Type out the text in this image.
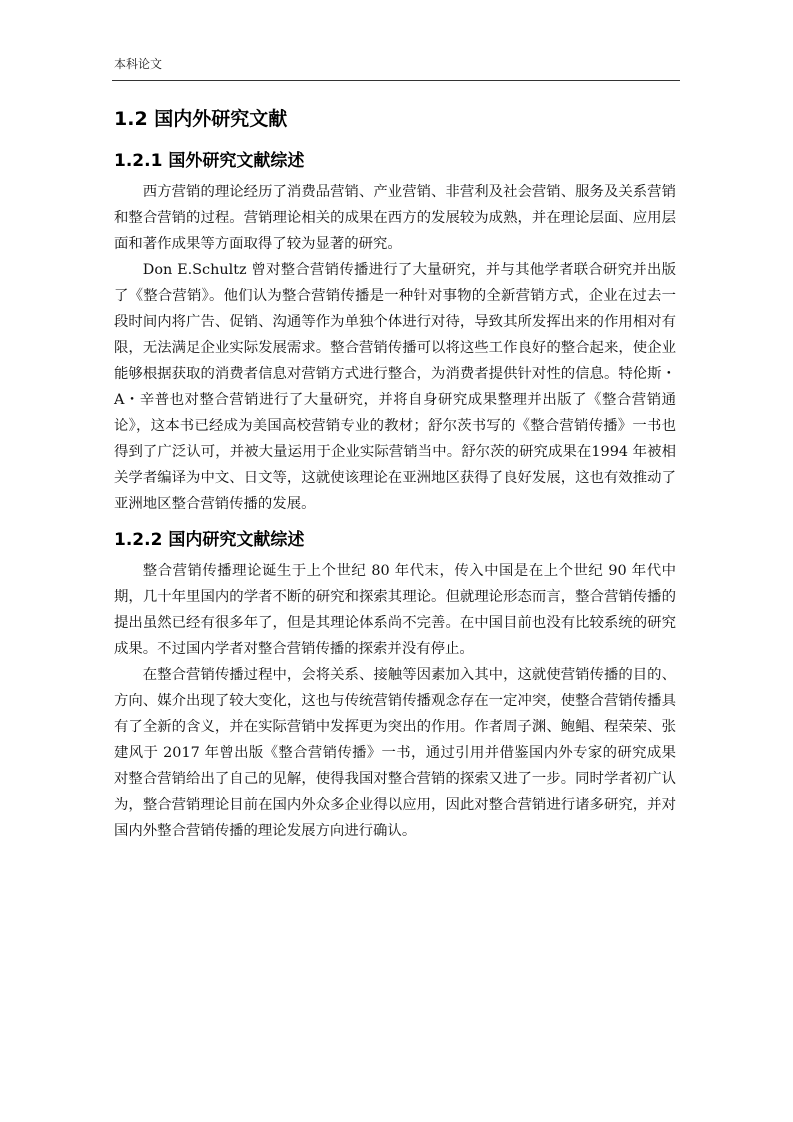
本科论文
1.2 国内外研究文献
1.2.1 国外研究文献综述

西方营销的理论经历了消费品营销、产业营销、非营利及社会营销、服务及关系营销和整合营销的过程。营销理论相关的成果在西方的发展较为成熟，并在理论层面、应用层面和著作成果等方面取得了较为显著的研究。

Don E.Schultz 曾对整合营销传播进行了大量研究，并与其他学者联合研究并出版了《整合营销》。他们认为整合营销传播是一种针对事物的全新营销方式，企业在过去一段时间内将广告、促销、沟通等作为单独个体进行对待，导致其所发挥出来的作用相对有限，无法满足企业实际发展需求。整合营销传播可以将这些工作良好的整合起来，使企业能够根据获取的消费者信息对营销方式进行整合，为消费者提供针对性的信息。特伦斯・A・辛普也对整合营销进行了大量研究，并将自身研究成果整理并出版了《整合营销通论》，这本书已经成为美国高校营销专业的教材；舒尔茨书写的《整合营销传播》一书也得到了广泛认可，并被大量运用于企业实际营销当中。舒尔茨的研究成果在1994 年被相关学者编译为中文、日文等，这就使该理论在亚洲地区获得了良好发展，这也有效推动了亚洲地区整合营销传播的发展。

1.2.2 国内研究文献综述

整合营销传播理论诞生于上个世纪 80 年代末，传入中国是在上个世纪 90 年代中期，几十年里国内的学者不断的研究和探索其理论。但就理论形态而言，整合营销传播的提出虽然已经有很多年了，但是其理论体系尚不完善。在中国目前也没有比较系统的研究成果。不过国内学者对整合营销传播的探索并没有停止。

在整合营销传播过程中，会将关系、接触等因素加入其中，这就使营销传播的目的、方向、媒介出现了较大变化，这也与传统营销传播观念存在一定冲突，使整合营销传播具有了全新的含义，并在实际营销中发挥更为突出的作用。作者周子渊、鲍鲳、程荣荣、张建风于 2017 年曾出版《整合营销传播》一书，通过引用并借鉴国内外专家的研究成果对整合营销给出了自己的见解，使得我国对整合营销的探索又进了一步。同时学者初广认为，整合营销理论目前在国内外众多企业得以应用，因此对整合营销进行诸多研究，并对国内外整合营销传播的理论发展方向进行确认。
